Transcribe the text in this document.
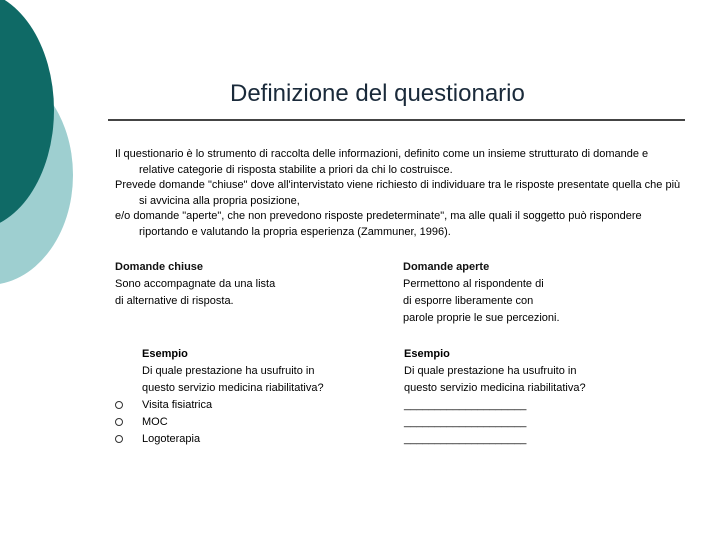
Definizione del questionario

Il questionario è lo strumento di raccolta delle informazioni, definito come un insieme strutturato di domande e relative categorie di risposta stabilite a priori da chi lo costruisce.

Prevede domande "chiuse" dove all'intervistato viene richiesto di individuare tra le risposte presentate quella che più si avvicina alla propria posizione,

e/o domande "aperte", che non prevedono risposte predeterminate", ma alle quali il soggetto può rispondere riportando e valutando la propria esperienza (Zammuner, 1996).

Domande chiuse

Sono accompagnate da una lista

di alternative di risposta.

Domande aperte

Permettono al rispondente di

di esporre liberamente con

parole proprie le sue percezioni.

Esempio
Di quale prestazione ha usufruito in
questo servizio medicina riabilitativa?
Visita fisiatrica
MOC
Logoterapia
Esempio
Di quale prestazione ha usufruito in
questo servizio medicina riabilitativa?
____________________
____________________
____________________
